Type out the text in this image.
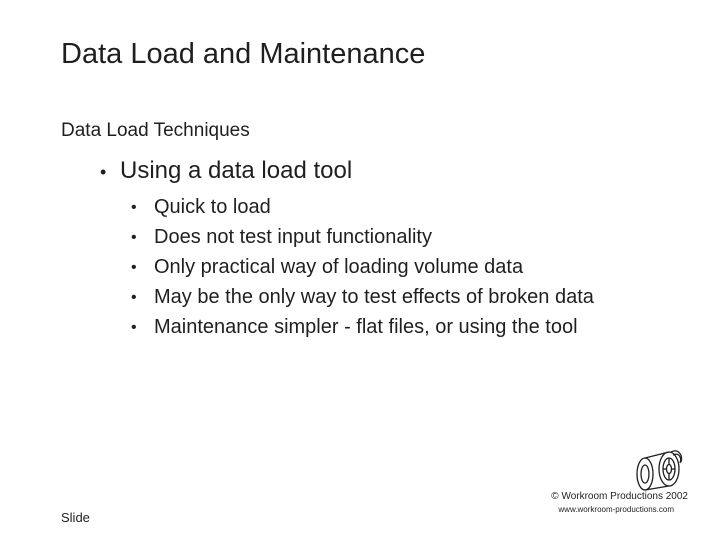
Data Load and Maintenance
Data Load Techniques
• Using a data load tool
• Quick to load
• Does not test input functionality
• Only practical way of loading volume data
• May be the only way to test effects of broken data
• Maintenance simpler - flat files, or using the tool
Slide
© Workroom Productions 2002
www.workroom-productions.com
